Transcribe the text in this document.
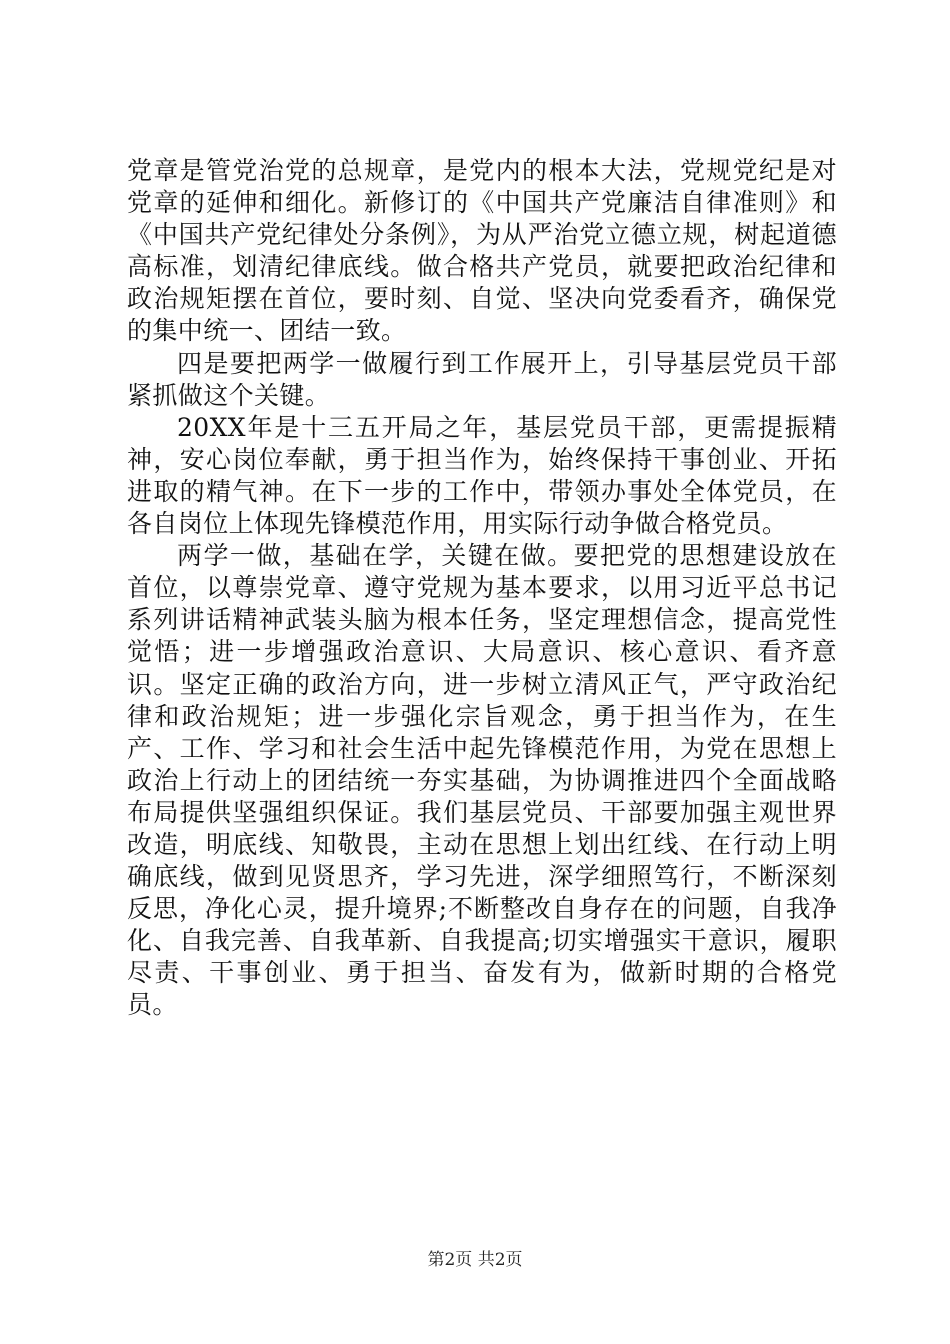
党章是管党治党的总规章，是党内的根本大法，党规党纪是对党章的延伸和细化。新修订的《中国共产党廉洁自律准则》和《中国共产党纪律处分条例》，为从严治党立德立规，树起道德高标准，划清纪律底线。做合格共产党员，就要把政治纪律和政治规矩摆在首位，要时刻、自觉、坚决向党委看齐，确保党的集中统一、团结一致。

四是要把两学一做履行到工作展开上，引导基层党员干部紧抓做这个关键。

20XX年是十三五开局之年，基层党员干部，更需提振精神，安心岗位奉献，勇于担当作为，始终保持干事创业、开拓进取的精气神。在下一步的工作中，带领办事处全体党员，在各自岗位上体现先锋模范作用，用实际行动争做合格党员。

两学一做，基础在学，关键在做。要把党的思想建设放在首位，以尊崇党章、遵守党规为基本要求，以用习近平总书记系列讲话精神武装头脑为根本任务，坚定理想信念，提高党性觉悟；进一步增强政治意识、大局意识、核心意识、看齐意识。坚定正确的政治方向，进一步树立清风正气，严守政治纪律和政治规矩；进一步强化宗旨观念，勇于担当作为，在生产、工作、学习和社会生活中起先锋模范作用，为党在思想上政治上行动上的团结统一夯实基础，为协调推进四个全面战略布局提供坚强组织保证。我们基层党员、干部要加强主观世界改造，明底线、知敬畏，主动在思想上划出红线、在行动上明确底线，做到见贤思齐，学习先进，深学细照笃行，不断深刻反思，净化心灵，提升境界;不断整改自身存在的问题，自我净化、自我完善、自我革新、自我提高;切实增强实干意识，履职尽责、干事创业、勇于担当、奋发有为，做新时期的合格党员。

第2页 共2页
